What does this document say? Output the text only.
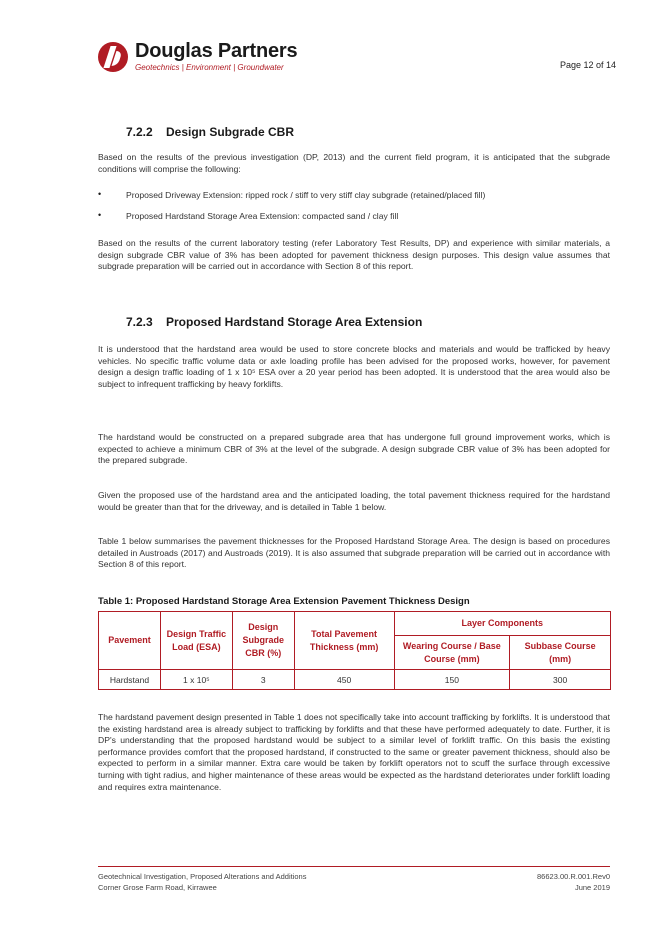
Douglas Partners
Geotechnics | Environment | Groundwater	Page 12 of 14
7.2.2 Design Subgrade CBR
Based on the results of the previous investigation (DP, 2013) and the current field program, it is anticipated that the subgrade conditions will comprise the following:
•	Proposed Driveway Extension: ripped rock / stiff to very stiff clay subgrade (retained/placed fill)
•	Proposed Hardstand Storage Area Extension: compacted sand / clay fill
Based on the results of the current laboratory testing (refer Laboratory Test Results, DP) and experience with similar materials, a design subgrade CBR value of 3% has been adopted for pavement thickness design purposes. This design value assumes that subgrade preparation will be carried out in accordance with Section 8 of this report.
7.2.3 Proposed Hardstand Storage Area Extension
It is understood that the hardstand area would be used to store concrete blocks and materials and would be trafficked by heavy vehicles. No specific traffic volume data or axle loading profile has been advised for the proposed works, however, for pavement design a design traffic loading of 1 x 10⁵ ESA over a 20 year period has been adopted. It is understood that the area would also be subject to infrequent trafficking by heavy forklifts.
The hardstand would be constructed on a prepared subgrade area that has undergone full ground improvement works, which is expected to achieve a minimum CBR of 3% at the level of the subgrade. A design subgrade CBR value of 3% has been adopted for the prepared subgrade.
Given the proposed use of the hardstand area and the anticipated loading, the total pavement thickness required for the hardstand would be greater than that for the driveway, and is detailed in Table 1 below.
Table 1 below summarises the pavement thicknesses for the Proposed Hardstand Storage Area. The design is based on procedures detailed in Austroads (2017) and Austroads (2019). It is also assumed that subgrade preparation will be carried out in accordance with Section 8 of this report.
Table 1: Proposed Hardstand Storage Area Extension Pavement Thickness Design
Pavement	Design Traffic Load (ESA)	Design Subgrade CBR (%)	Total Pavement Thickness (mm)	Layer Components	
				Wearing Course / Base Course (mm)	Subbase Course (mm)
Hardstand	1 x 10⁵	3	450	150	300
The hardstand pavement design presented in Table 1 does not specifically take into account trafficking by forklifts. It is understood that the existing hardstand area is already subject to trafficking by forklifts and that these have performed adequately to date. Further, it is DP's understanding that the proposed hardstand would be subject to a similar level of forklift traffic. On this basis the existing performance provides comfort that the proposed hardstand, if constructed to the same or greater pavement thickness, should also be expected to perform in a similar manner. Extra care would be taken by forklift operators not to scuff the surface through excessive turning with tight radius, and higher maintenance of these areas would be expected as the hardstand deteriorates under forklift loading and requires extra maintenance.
Geotechnical Investigation, Proposed Alterations and Additions
Corner Grose Farm Road, Kirrawee
86623.00.R.001.Rev0
June 2019
